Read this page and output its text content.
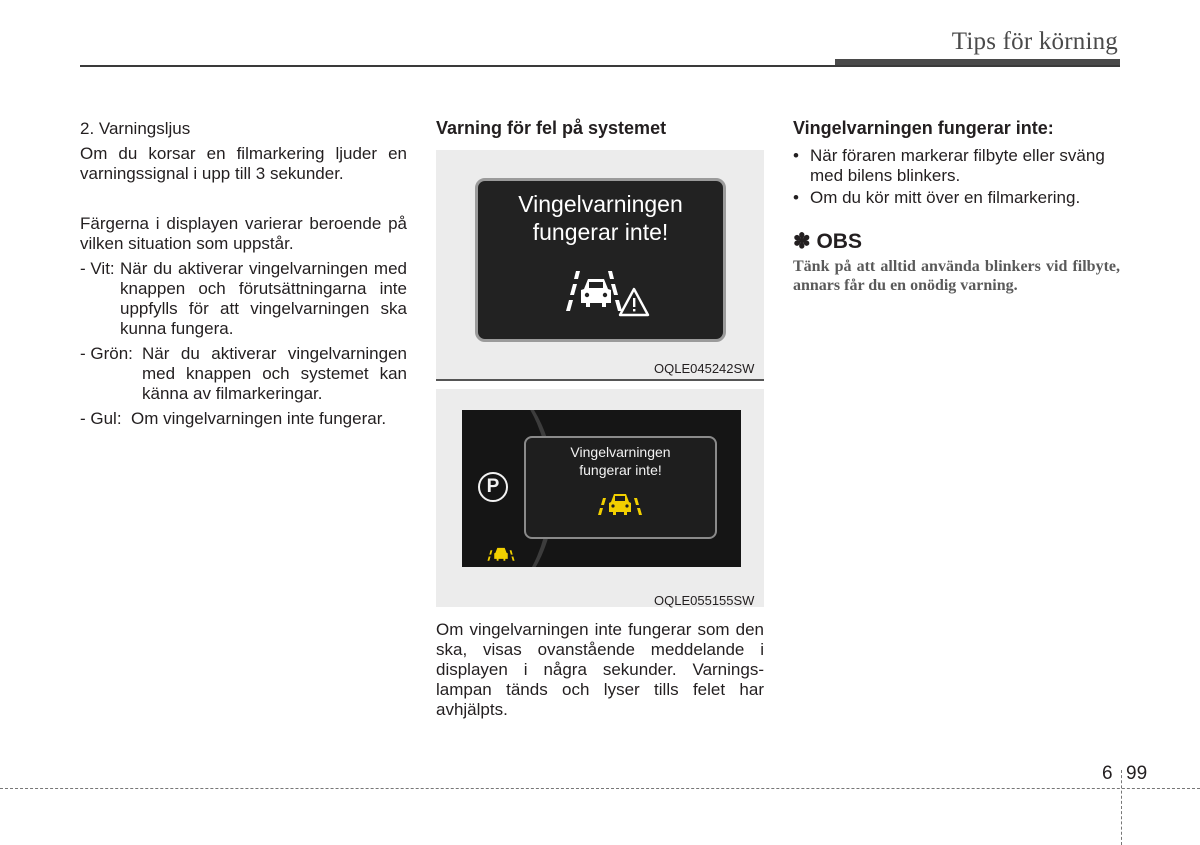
Tips för körning
2. Varningsljus
Om du korsar en filmarkering ljuder en varningssignal i upp till 3 sekunder.
Färgerna i displayen varierar beroende på vilken situation som uppstår.
- Vit: När du aktiverar vingelvarningen med knappen och förutsättningarna inte uppfylls för att vingelvarningen ska kunna fungera.
- Grön: När du aktiverar vingelvarningen med knappen och systemet kan känna av filmarkeringar.
- Gul: Om vingelvarningen inte fungerar.
Varning för fel på systemet
Vingelvarningen
fungerar inte!
OQLE045242SW
P
Vingelvarningen
fungerar inte!
OQLE055155SW
Om vingelvarningen inte fungerar som den ska, visas ovanstående meddelande i displayen i några sekunder. Varnings-lampan tänds och lyser tills felet har avhjälpts.
Vingelvarningen fungerar inte:
• När föraren markerar filbyte eller sväng med bilens blinkers.
• Om du kör mitt över en filmarkering.
✽ OBS
Tänk på att alltid använda blinkers vid filbyte, annars får du en onödig varning.
6 99
